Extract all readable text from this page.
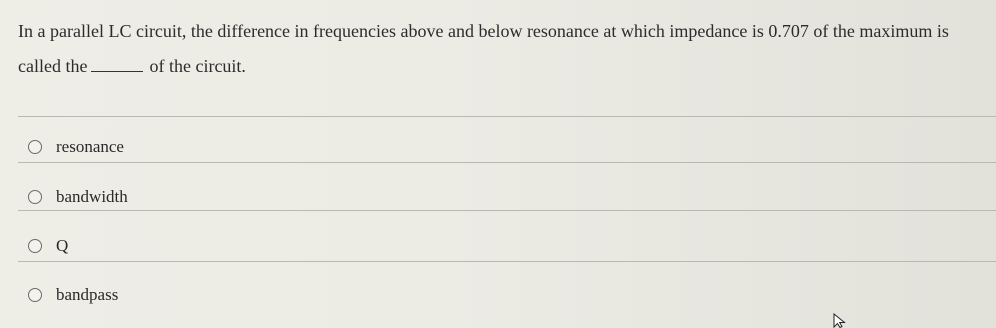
In a parallel LC circuit, the difference in frequencies above and below resonance at which impedance is 0.707 of the maximum is called the	of the circuit.
resonance
bandwidth
Q
bandpass
